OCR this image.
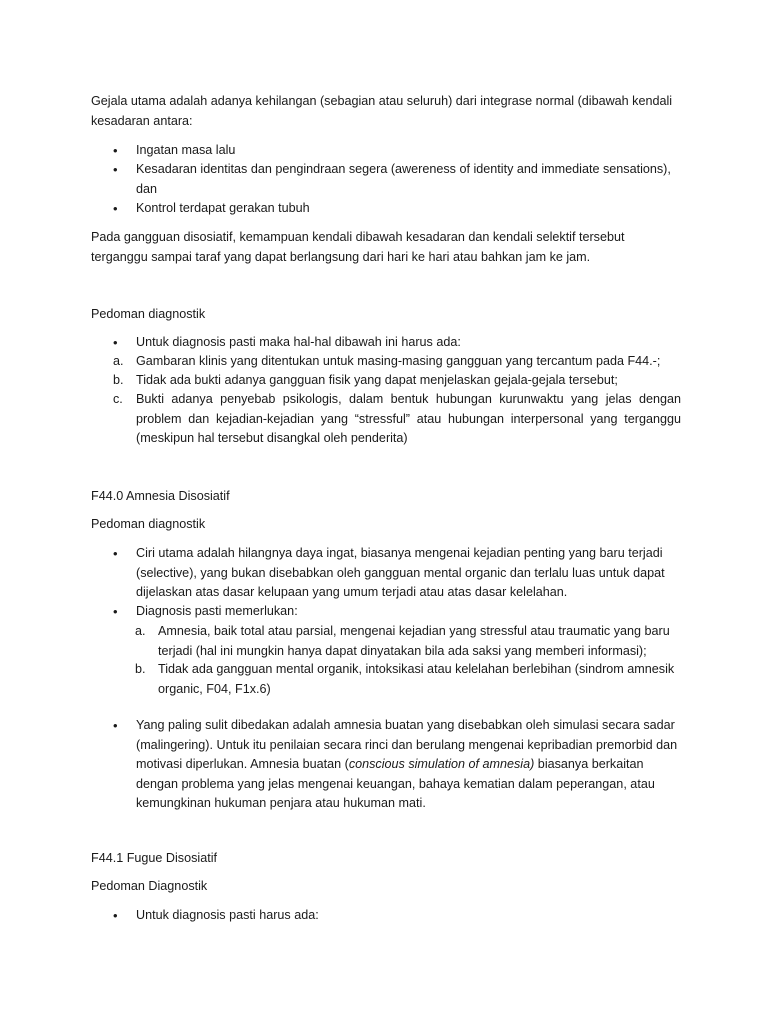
Gejala utama adalah adanya kehilangan (sebagian atau seluruh) dari integrase normal (dibawah kendali kesadaran antara:

•
Ingatan masa lalu
•
Kesadaran identitas dan pengindraan segera (awereness of identity and immediate sensations), dan
•
Kontrol terdapat gerakan tubuh

Pada gangguan disosiatif, kemampuan kendali dibawah kesadaran dan kendali selektif tersebut terganggu sampai taraf yang dapat berlangsung dari hari ke hari atau bahkan jam ke jam.

Pedoman diagnostik

•
Untuk diagnosis pasti maka hal-hal dibawah ini harus ada:
a. Gambaran klinis yang ditentukan untuk masing-masing gangguan yang tercantum pada F44.-;
b. Tidak ada bukti adanya gangguan fisik yang dapat menjelaskan gejala-gejala tersebut;
c.	Bukti adanya penyebab psikologis, dalam bentuk hubungan kurunwaktu yang jelas dengan problem dan kejadian-kejadian yang “stressful” atau hubungan interpersonal yang terganggu (meskipun hal tersebut disangkal oleh penderita)

F44.0 Amnesia Disosiatif

Pedoman diagnostik

•
Ciri utama adalah hilangnya daya ingat, biasanya mengenai kejadian penting yang baru terjadi (selective), yang bukan disebabkan oleh gangguan mental organic dan terlalu luas untuk dapat dijelaskan atas dasar kelupaan yang umum terjadi atau atas dasar kelelahan.
•
Diagnosis pasti memerlukan:
a. Amnesia, baik total atau parsial, mengenai kejadian yang stressful atau traumatic yang baru terjadi (hal ini mungkin hanya dapat dinyatakan bila ada saksi yang memberi informasi);
b. Tidak ada gangguan mental organik, intoksikasi atau kelelahan berlebihan (sindrom amnesik organic, F04, F1x.6)
•
Yang paling sulit dibedakan adalah amnesia buatan yang disebabkan oleh simulasi secara sadar (malingering). Untuk itu penilaian secara rinci dan berulang mengenai kepribadian premorbid dan motivasi diperlukan. Amnesia buatan (conscious simulation of amnesia) biasanya berkaitan dengan problema yang jelas mengenai keuangan, bahaya kematian dalam peperangan, atau kemungkinan hukuman penjara atau hukuman mati.

F44.1 Fugue Disosiatif

Pedoman Diagnostik

•
Untuk diagnosis pasti harus ada:
